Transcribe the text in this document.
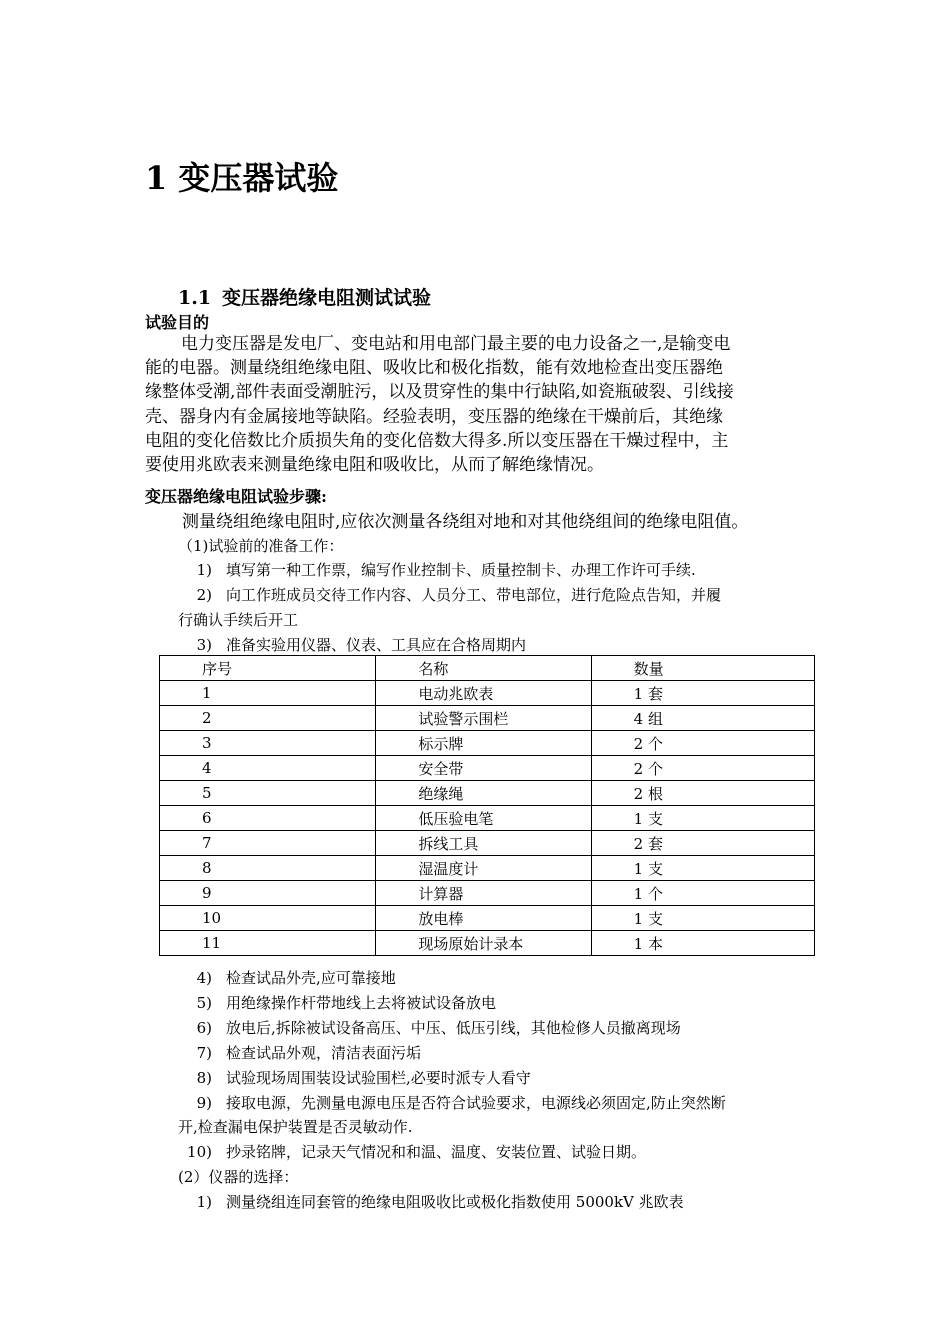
1 变压器试验
1.1 变压器绝缘电阻测试试验
试验目的
电力变压器是发电厂、变电站和用电部门最主要的电力设备之一,是输变电
能的电器。测量绕组绝缘电阻、吸收比和极化指数，能有效地检查出变压器绝
缘整体受潮,部件表面受潮脏污，以及贯穿性的集中行缺陷,如瓷瓶破裂、引线接
壳、器身内有金属接地等缺陷。经验表明，变压器的绝缘在干燥前后，其绝缘
电阻的变化倍数比介质损失角的变化倍数大得多.所以变压器在干燥过程中，主
要使用兆欧表来测量绝缘电阻和吸收比，从而了解绝缘情况。
变压器绝缘电阻试验步骤:
测量绕组绝缘电阻时,应依次测量各绕组对地和对其他绕组间的绝缘电阻值。
（1)试验前的准备工作：
1) 填写第一种工作票，编写作业控制卡、质量控制卡、办理工作许可手续.
2) 向工作班成员交待工作内容、人员分工、带电部位，进行危险点告知，并履
行确认手续后开工
3) 准备实验用仪器、仪表、工具应在合格周期内
序号	名称	数量
1	电动兆欧表	1 套
2	试验警示围栏	4 组
3	标示牌	2 个
4	安全带	2 个
5	绝缘绳	2 根
6	低压验电笔	1 支
7	拆线工具	2 套
8	湿温度计	1 支
9	计算器	1 个
10	放电棒	1 支
11	现场原始计录本	1 本
4) 检查试品外壳,应可靠接地
5) 用绝缘操作杆带地线上去将被试设备放电
6) 放电后,拆除被试设备高压、中压、低压引线，其他检修人员撤离现场
7) 检查试品外观，清洁表面污垢
8) 试验现场周围装设试验围栏,必要时派专人看守
9) 接取电源，先测量电源电压是否符合试验要求，电源线必须固定,防止突然断
开,检查漏电保护装置是否灵敏动作.
10) 抄录铭牌，记录天气情况和和温、温度、安装位置、试验日期。
(2）仪器的选择：
1) 测量绕组连同套管的绝缘电阻吸收比或极化指数使用 5000kV 兆欧表
